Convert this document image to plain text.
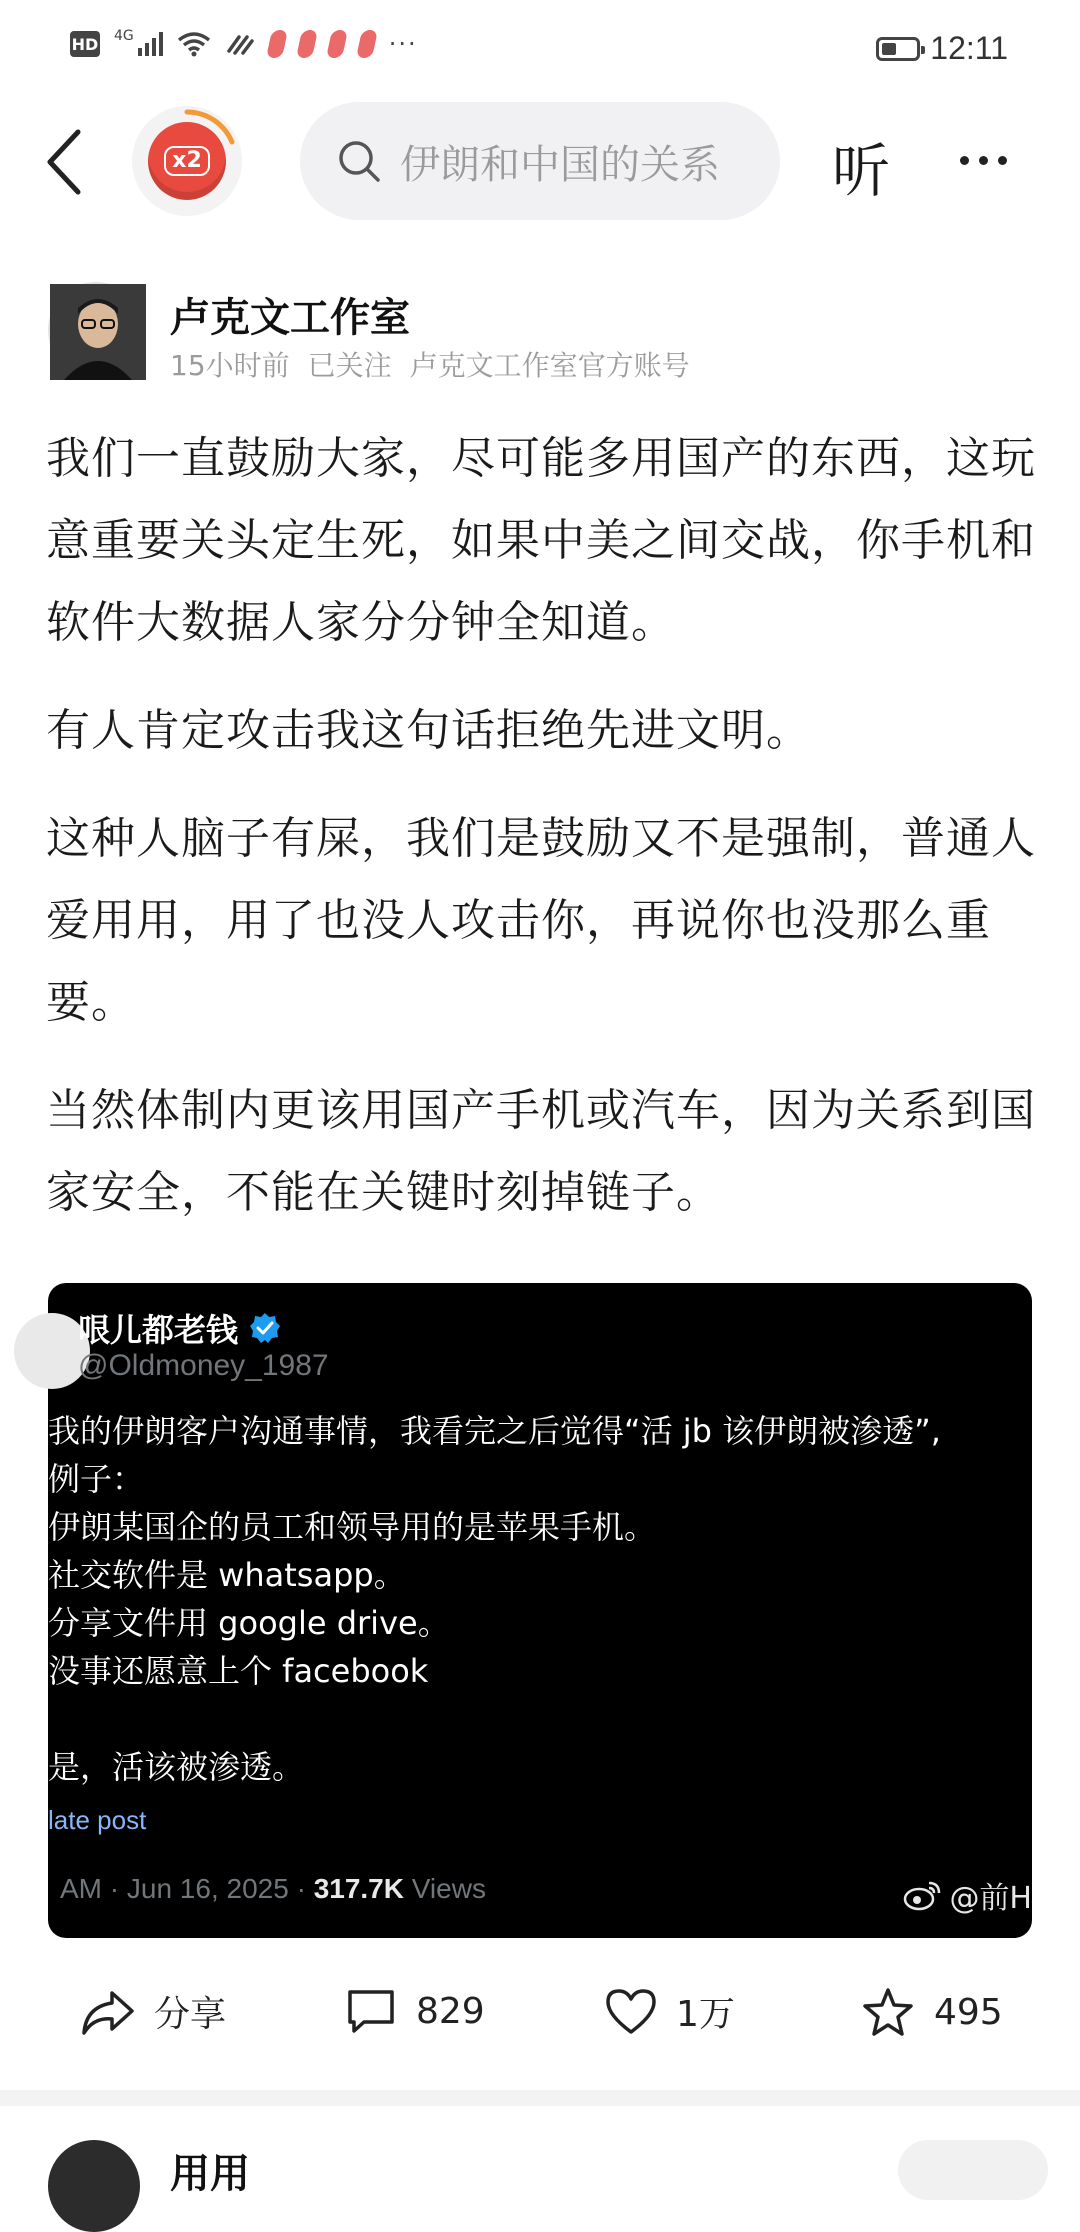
HD 4G	···	12:11
x2	伊朗和中国的关系 听
卢克文工作室
15小时前 已关注 卢克文工作室官方账号

我们一直鼓励大家，尽可能多用国产的东西，这玩意重要关头定生死，如果中美之间交战，你手机和软件大数据人家分分钟全知道。

有人肯定攻击我这句话拒绝先进文明。

这种人脑子有屎，我们是鼓励又不是强制，普通人爱用用，用了也没人攻击你，再说你也没那么重要。

当然体制内更该用国产手机或汽车，因为关系到国家安全，不能在关键时刻掉链子。

哏儿都老钱
@Oldmoney_1987
我的伊朗客户沟通事情，我看完之后觉得“活 jb 该伊朗被渗透”,
例子：
伊朗某国企的员工和领导用的是苹果手机。
社交软件是 whatsapp。
分享文件用 google drive。
没事还愿意上个 facebook
是，活该被渗透。
late post
AM · Jun 16, 2025 · 317.7K Views	@前H
分享	829	1万	495
用用
